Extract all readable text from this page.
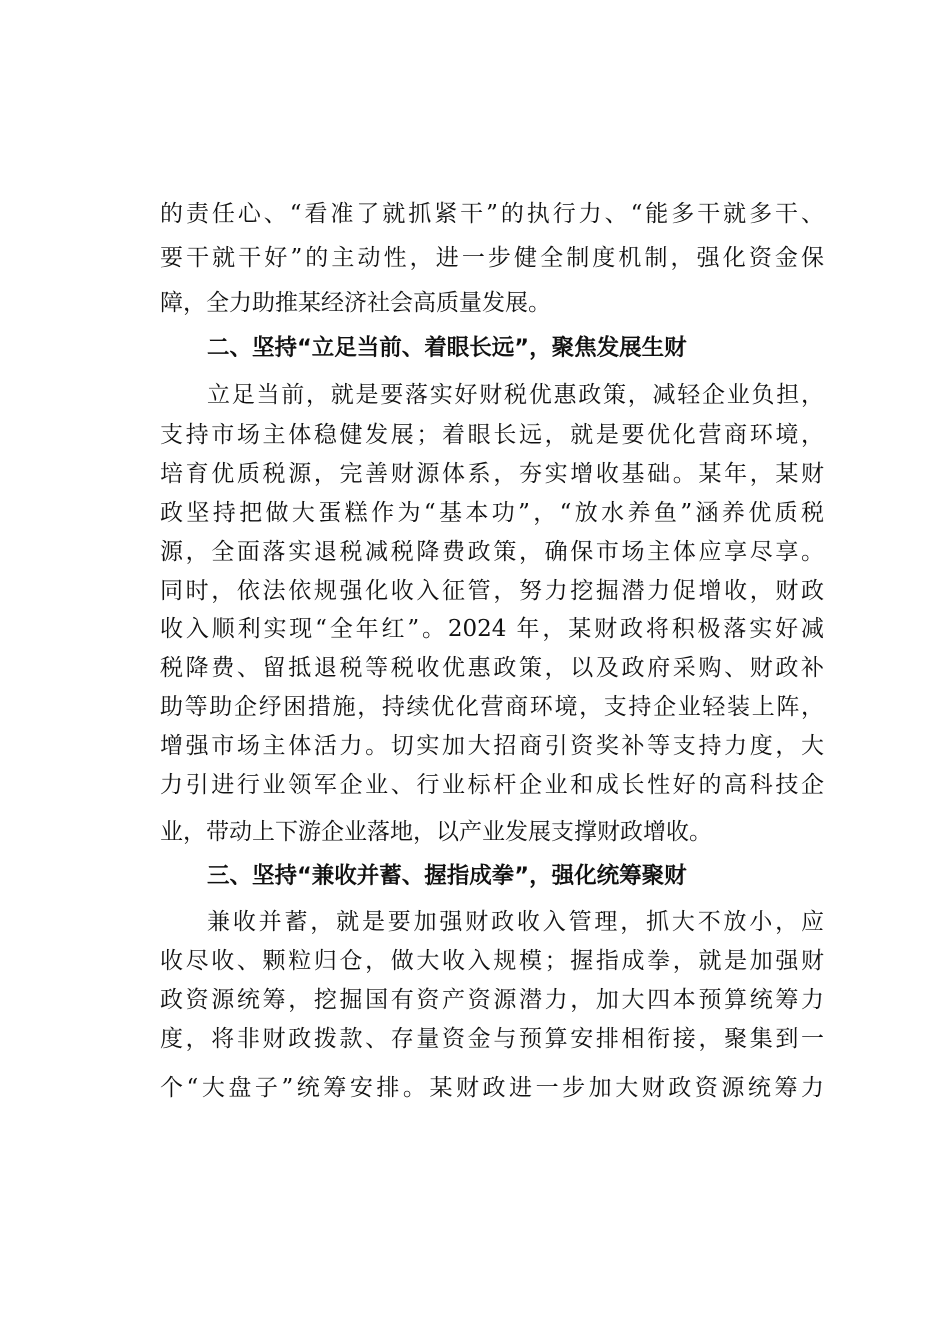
的责任心、“看准了就抓紧干”的执行力、“能多干就多干、
要干就干好”的主动性，进一步健全制度机制，强化资金保
障，全力助推某经济社会高质量发展。
二、坚持“立足当前、着眼长远”，聚焦发展生财
立足当前，就是要落实好财税优惠政策，减轻企业负担，
支持市场主体稳健发展；着眼长远，就是要优化营商环境，
培育优质税源，完善财源体系，夯实增收基础。某年，某财
政坚持把做大蛋糕作为“基本功”，“放水养鱼”涵养优质税
源，全面落实退税减税降费政策，确保市场主体应享尽享。
同时，依法依规强化收入征管，努力挖掘潜力促增收，财政
收入顺利实现“全年红”。2024 年，某财政将积极落实好减
税降费、留抵退税等税收优惠政策，以及政府采购、财政补
助等助企纾困措施，持续优化营商环境，支持企业轻装上阵，
增强市场主体活力。切实加大招商引资奖补等支持力度，大
力引进行业领军企业、行业标杆企业和成长性好的高科技企
业，带动上下游企业落地，以产业发展支撑财政增收。
三、坚持“兼收并蓄、握指成拳”，强化统筹聚财
兼收并蓄，就是要加强财政收入管理，抓大不放小，应
收尽收、颗粒归仓，做大收入规模；握指成拳，就是加强财
政资源统筹，挖掘国有资产资源潜力，加大四本预算统筹力
度，将非财政拨款、存量资金与预算安排相衔接，聚集到一
个“大盘子”统筹安排。某财政进一步加大财政资源统筹力
